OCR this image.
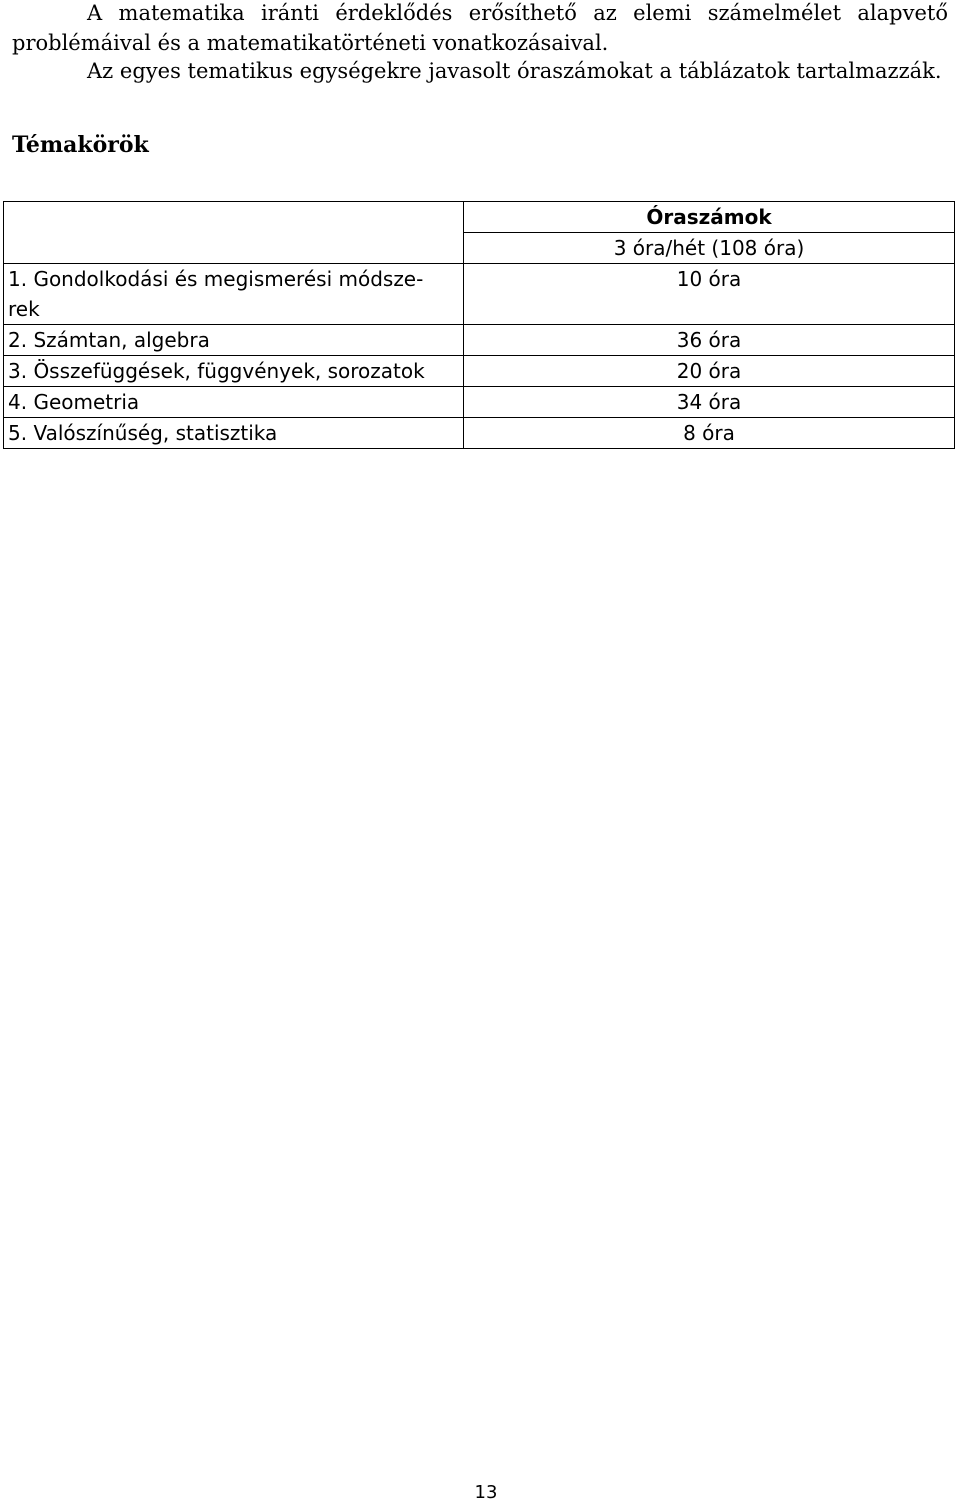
A matematika iránti érdeklődés erősíthető az elemi számelmélet alapvető problémáival és a matematikatörténeti vonatkozásaival.

Az egyes tematikus egységekre javasolt óraszámokat a táblázatok tartalmazzák.

Témakörök
	Óraszámok
	3 óra/hét (108 óra)
1. Gondolkodási és megismerési módsze-
rek	10 óra
2. Számtan, algebra	36 óra
3. Összefüggések, függvények, sorozatok	20 óra
4. Geometria	34 óra
5. Valószínűség, statisztika	8 óra
13
